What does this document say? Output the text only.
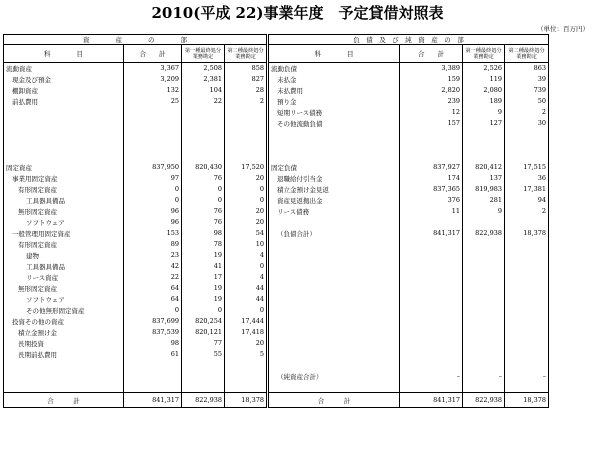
2010(平成 22)事業年度　予定貸借対照表
（単位：百万円）
資　　　　産　　　　の　　　　部				負　債　及　び　純　資　産　の　部			
科　　　　目	合　　計	第一種最終処分業務勘定	第二種最終処分業務勘定	科　　　　目	合　　計	第一種最終処分業務勘定	第二種最終処分業務勘定
流動資産	3,367	2,508	858	流動負債	3,389	2,526	863
現金及び預金	3,209	2,381	827	未払金	159	119	39
棚卸資産	132	104	28	未払費用	2,820	2,080	739
前払費用	25	22	2	預り金	239	189	50
				短期リース債務	12	9	2
				その他流動負債	157	127	30

固定資産	837,950	820,430	17,520	固定負債	837,927	820,412	17,515
事業用固定資産	97	76	20	退職給付引当金	174	137	36
有形固定資産	0	0	0	積立金預け金見返	837,365	819,983	17,381
工具器具備品	0	0	0	資産見返拠出金	376	281	94
無形固定資産	96	76	20	リース債務	11	9	2
ソフトウェア	96	76	20				
一般管理用固定資産	153	98	54	（負債合計）	841,317	822,938	18,378
有形固定資産	89	78	10				
建物	23	19	4				
工具器具備品	42	41	0				
リース資産	22	17	4				
無形固定資産	64	19	44				
ソフトウェア	64	19	44				
その他無形固定資産	0	0	0				
投資その他の資産	837,699	820,254	17,444				
積立金預け金	837,539	820,121	17,418				
長期投資	98	77	20				
長期前払費用	61	55	5				

				（純資産合計）	–	–	–

合　　　計	841,317	822,938	18,378	合　　　計	841,317	822,938	18,378
